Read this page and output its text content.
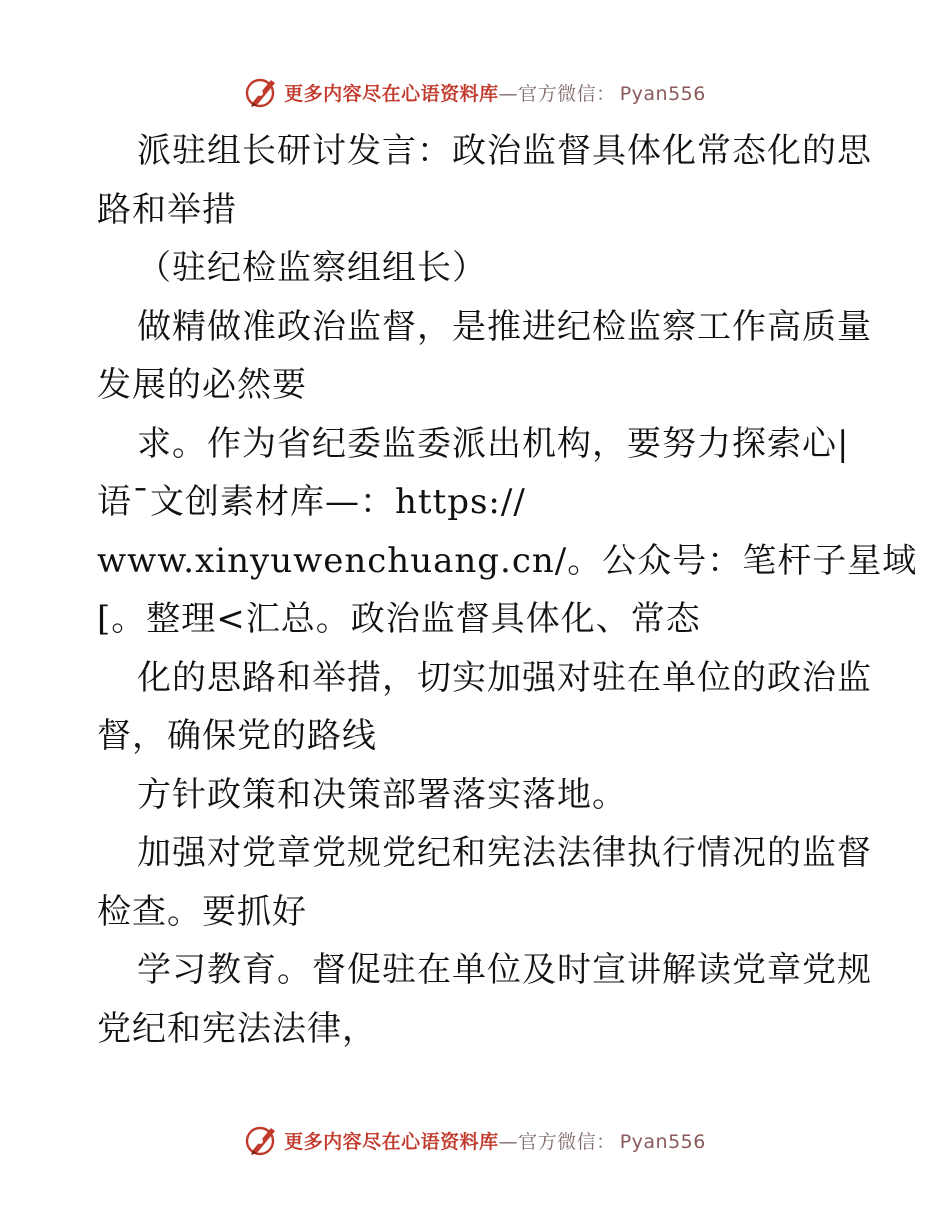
更多内容尽在心语资料库—官方微信： Pyan556
派驻组长研讨发言：政治监督具体化常态化的思
路和举措
（驻纪检监察组组长）
做精做准政治监督，是推进纪检监察工作高质量
发展的必然要
求。作为省纪委监委派出机构，要努力探索心|
语¯文创素材库—：https://
www.xinyuwenchuang.cn/。公众号：笔杆子星域
[。整理<汇总。政治监督具体化、常态
化的思路和举措，切实加强对驻在单位的政治监
督，确保党的路线
方针政策和决策部署落实落地。
加强对党章党规党纪和宪法法律执行情况的监督
检查。要抓好
学习教育。督促驻在单位及时宣讲解读党章党规
党纪和宪法法律，
更多内容尽在心语资料库—官方微信： Pyan556
